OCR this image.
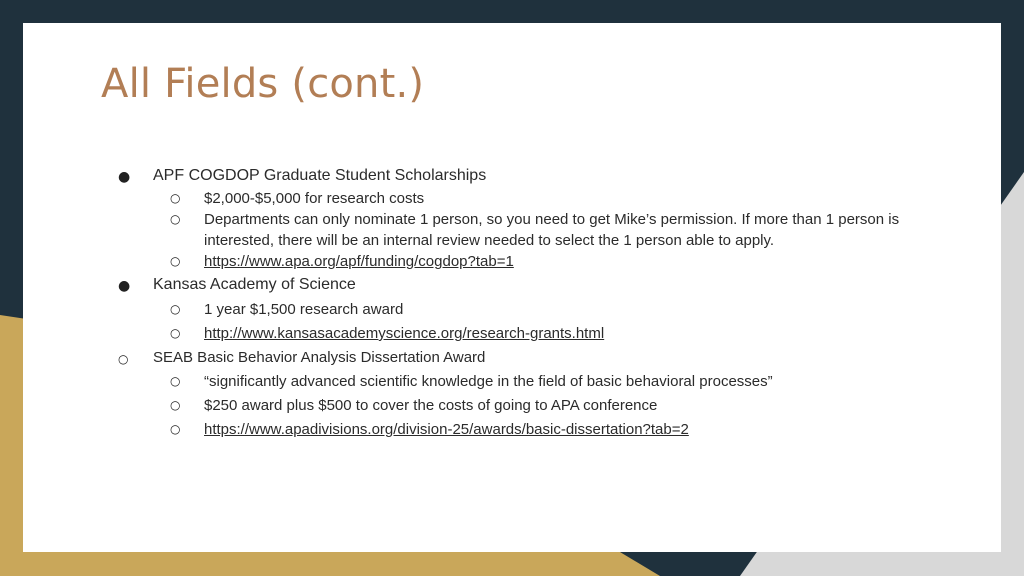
All Fields (cont.)
● APF COGDOP Graduate Student Scholarships
○ $2,000-$5,000 for research costs
○ Departments can only nominate 1 person, so you need to get Mike’s permission. If more than 1 person is interested, there will be an internal review needed to select the 1 person able to apply.
○ https://www.apa.org/apf/funding/cogdop?tab=1
● Kansas Academy of Science
○ 1 year $1,500 research award
○ http://www.kansasacademyscience.org/research-grants.html
○ SEAB Basic Behavior Analysis Dissertation Award
○ “significantly advanced scientific knowledge in the field of basic behavioral processes”
○ $250 award plus $500 to cover the costs of going to APA conference
○ https://www.apadivisions.org/division-25/awards/basic-dissertation?tab=2
